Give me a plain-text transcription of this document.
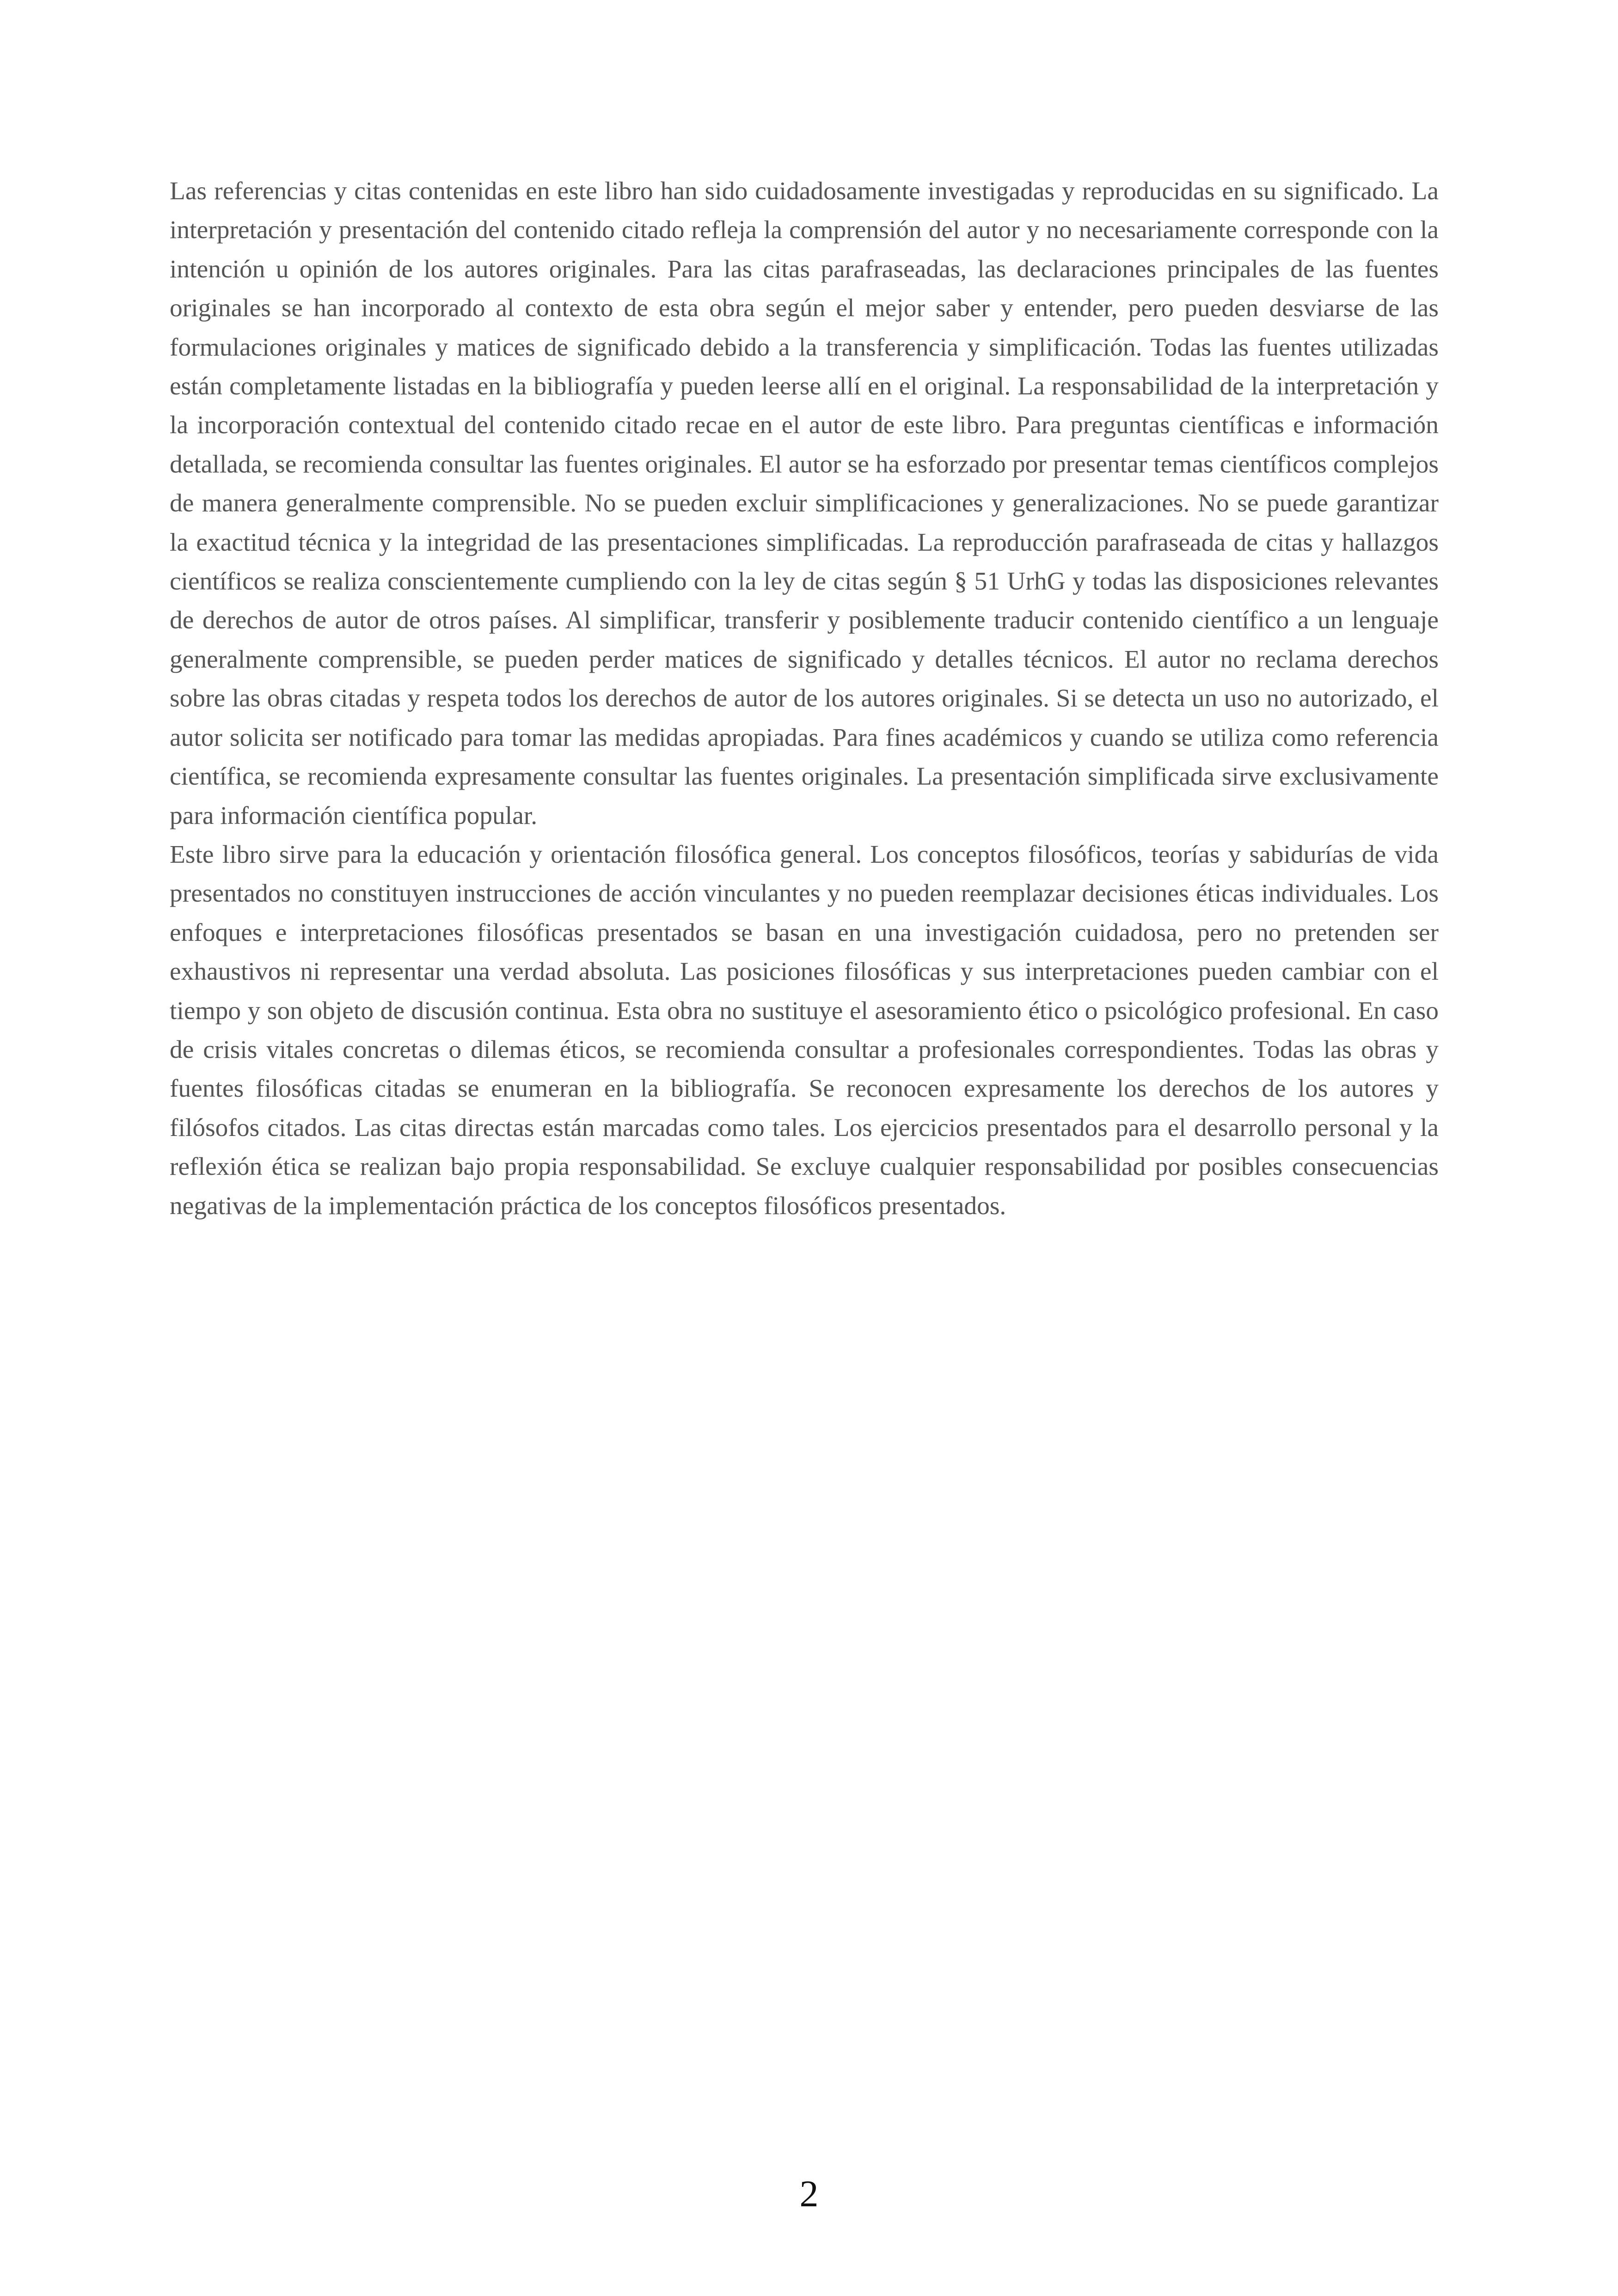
Las referencias y citas contenidas en este libro han sido cuidadosamente investigadas y reproducidas en su significado. La interpretación y presentación del contenido citado refleja la comprensión del autor y no necesariamente corresponde con la intención u opinión de los autores originales. Para las citas parafraseadas, las declaraciones principales de las fuentes originales se han incorporado al contexto de esta obra según el mejor saber y entender, pero pueden desviarse de las formulaciones originales y matices de significado debido a la transferencia y simplificación. Todas las fuentes utilizadas están completamente listadas en la bibliografía y pueden leerse allí en el original. La responsabilidad de la interpretación y la incorporación contextual del contenido citado recae en el autor de este libro. Para preguntas científicas e información detallada, se recomienda consultar las fuentes originales. El autor se ha esforzado por presentar temas científicos complejos de manera generalmente comprensible. No se pueden excluir simplificaciones y generalizaciones. No se puede garantizar la exactitud técnica y la integridad de las presentaciones simplificadas. La reproducción parafraseada de citas y hallazgos científicos se realiza conscientemente cumpliendo con la ley de citas según § 51 UrhG y todas las disposiciones relevantes de derechos de autor de otros países. Al simplificar, transferir y posiblemente traducir contenido científico a un lenguaje generalmente comprensible, se pueden perder matices de significado y detalles técnicos. El autor no reclama derechos sobre las obras citadas y respeta todos los derechos de autor de los autores originales. Si se detecta un uso no autorizado, el autor solicita ser notificado para tomar las medidas apropiadas. Para fines académicos y cuando se utiliza como referencia científica, se recomienda expresamente consultar las fuentes originales. La presentación simplificada sirve exclusivamente para información científica popular.

Este libro sirve para la educación y orientación filosófica general. Los conceptos filosóficos, teorías y sabidurías de vida presentados no constituyen instrucciones de acción vinculantes y no pueden reemplazar decisiones éticas individuales. Los enfoques e interpretaciones filosóficas presentados se basan en una investigación cuidadosa, pero no pretenden ser exhaustivos ni representar una verdad absoluta. Las posiciones filosóficas y sus interpretaciones pueden cambiar con el tiempo y son objeto de discusión continua. Esta obra no sustituye el asesoramiento ético o psicológico profesional. En caso de crisis vitales concretas o dilemas éticos, se recomienda consultar a profesionales correspondientes. Todas las obras y fuentes filosóficas citadas se enumeran en la bibliografía. Se reconocen expresamente los derechos de los autores y filósofos citados. Las citas directas están marcadas como tales. Los ejercicios presentados para el desarrollo personal y la reflexión ética se realizan bajo propia responsabilidad. Se excluye cualquier responsabilidad por posibles consecuencias negativas de la implementación práctica de los conceptos filosóficos presentados.

2
